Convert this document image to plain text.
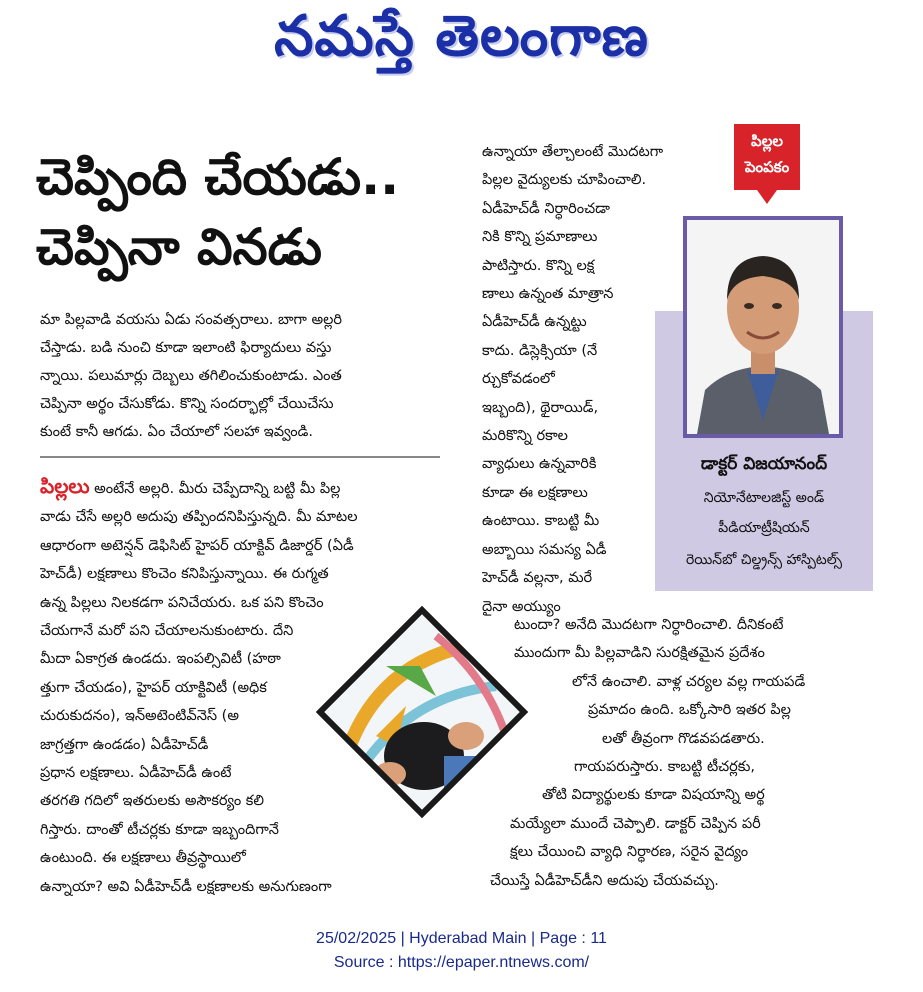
నమస్తే తెలంగాణ
చెప్పింది చేయడు..
చెప్పినా వినడు
మా పిల్లవాడి వయసు ఏడు సంవత్సరాలు. బాగా అల్లరి
చేస్తాడు. బడి నుంచి కూడా ఇలాంటి ఫిర్యాదులు వస్తు
న్నాయి. పలుమార్లు దెబ్బలు తగిలించుకుంటాడు. ఎంత
చెప్పినా అర్థం చేసుకోడు. కొన్ని సందర్భాల్లో చేయిచేసు
కుంటే కానీ ఆగడు. ఏం చేయాలో సలహా ఇవ్వండి.
పిల్లలు అంటేనే అల్లరి. మీరు చెప్పేదాన్ని బట్టి మీ పిల్ల
వాడు చేసే అల్లరి అదుపు తప్పిందనిపిస్తున్నది. మీ మాటల
ఆధారంగా అటెన్షన్ డెఫిసిట్ హైపర్ యాక్టివ్ డిజార్డర్ (ఏడీ
హెచ్‌డీ) లక్షణాలు కొంచెం కనిపిస్తున్నాయి. ఈ రుగ్మత
ఉన్న పిల్లలు నిలకడగా పనిచేయరు. ఒక పని కొంచెం
చేయగానే మరో పని చేయాలనుకుంటారు. దేని
మీదా ఏకాగ్రత ఉండదు. ఇంపల్సివిటీ (హఠా
త్తుగా చేయడం), హైపర్ యాక్టివిటీ (అధిక
చురుకుదనం), ఇన్‌అటెంటివ్‌నెస్ (అ
జాగ్రత్తగా ఉండడం) ఏడీహెచ్‌డీ
ప్రధాన లక్షణాలు. ఏడీహెచ్‌డీ ఉంటే
తరగతి గదిలో ఇతరులకు అసౌకర్యం కలి
గిస్తారు. దాంతో టీచర్లకు కూడా ఇబ్బందిగానే
ఉంటుంది. ఈ లక్షణాలు తీవ్రస్థాయిలో
ఉన్నాయా? అవి ఏడీహెచ్‌డీ లక్షణాలకు అనుగుణంగా
ఉన్నాయా తేల్చాలంటే మొదటగా
పిల్లల వైద్యులకు చూపించాలి.
ఏడీహెచ్‌డీ నిర్ధారించడా
నికి కొన్ని ప్రమాణాలు
పాటిస్తారు. కొన్ని లక్ష
ణాలు ఉన్నంత మాత్రాన
ఏడీహెచ్‌డీ ఉన్నట్టు
కాదు. డిస్లెక్సియా (నే
ర్చుకోవడంలో
ఇబ్బంది), థైరాయిడ్,
మరికొన్ని రకాల
వ్యాధులు ఉన్నవారికి
కూడా ఈ లక్షణాలు
ఉంటాయి. కాబట్టి మీ
అబ్బాయి సమస్య ఏడీ
హెచ్‌డీ వల్లనా, మరే
దైనా అయ్యుం
టుందా? అనేది మొదటగా నిర్ధారించాలి. దీనికంటే
ముందుగా మీ పిల్లవాడిని సురక్షితమైన ప్రదేశం
లోనే ఉంచాలి. వాళ్ల చర్యల వల్ల గాయపడే
ప్రమాదం ఉంది. ఒక్కోసారి ఇతర పిల్ల
లతో తీవ్రంగా గొడవపడతారు.
గాయపరుస్తారు. కాబట్టి టీచర్లకు,
తోటి విద్యార్థులకు కూడా విషయాన్ని అర్థ
మయ్యేలా ముందే చెప్పాలి. డాక్టర్ చెప్పిన పరీ
క్షలు చేయించి వ్యాధి నిర్ధారణ, సరైన వైద్యం
చేయిస్తే ఏడీహెచ్‌డీని అదుపు చేయవచ్చు.
పిల్లల
పెంపకం
డాక్టర్ విజయానంద్
నియోనేటాలజిస్ట్ అండ్
పీడియాట్రీషియన్
రెయిన్‌బో చిల్డ్రన్స్ హాస్పిటల్స్
25/02/2025 | Hyderabad Main | Page : 11
Source : https://epaper.ntnews.com/
